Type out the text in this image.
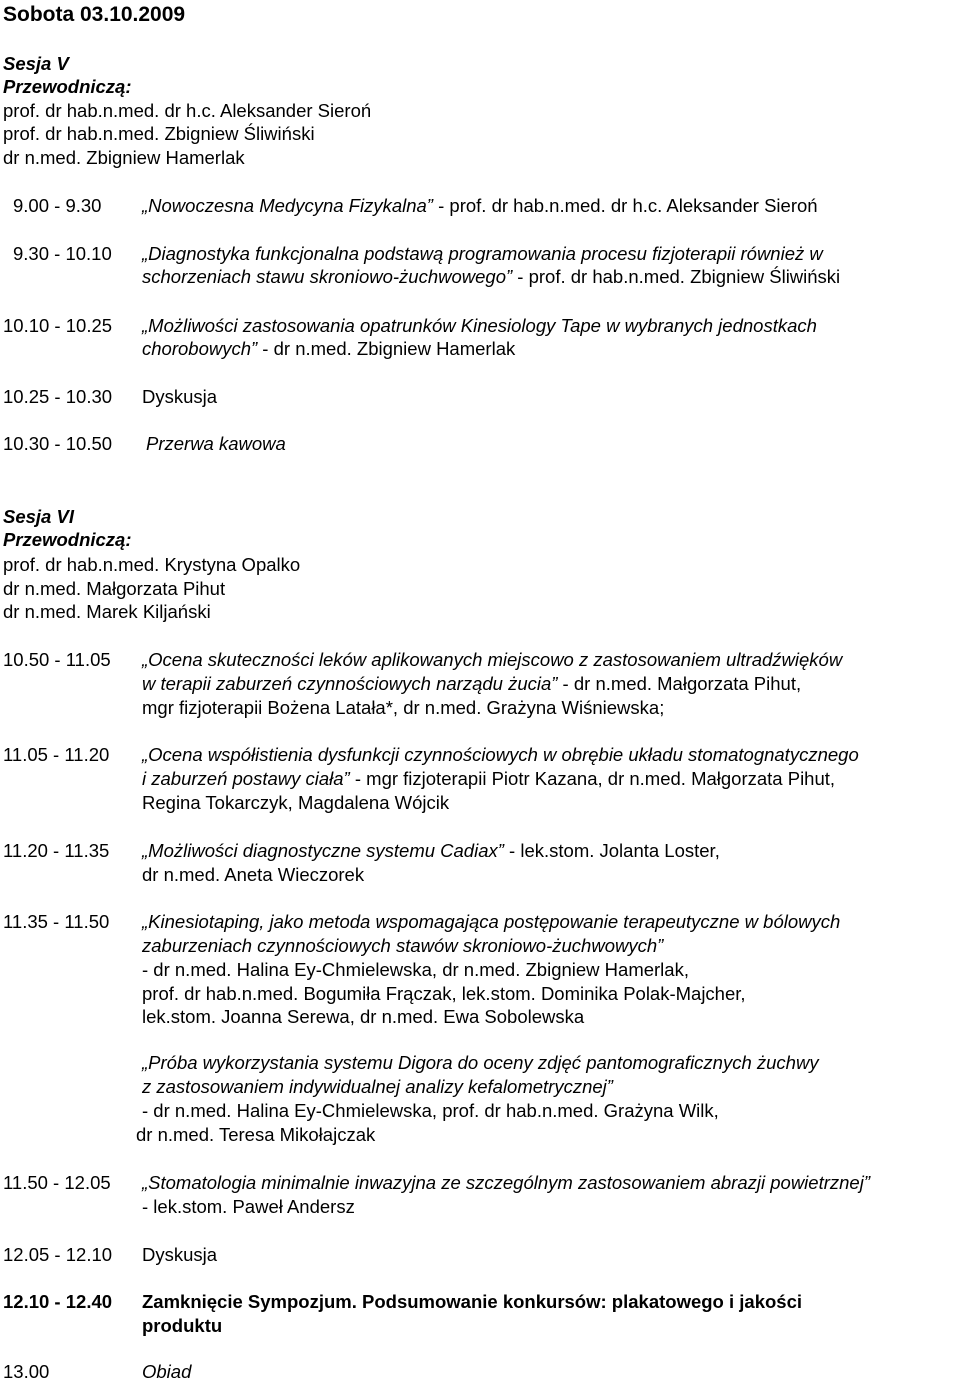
Sobota 03.10.2009
Sesja V
Przewodniczą:
prof. dr hab.n.med. dr h.c. Aleksander Sieroń
prof. dr hab.n.med. Zbigniew Śliwiński
dr n.med. Zbigniew Hamerlak
9.00 - 9.30 „Nowoczesna Medycyna Fizykalna” - prof. dr hab.n.med. dr h.c. Aleksander Sieroń
9.30 - 10.10 „Diagnostyka funkcjonalna podstawą programowania procesu fizjoterapii również w
schorzeniach stawu skroniowo-żuchwowego” - prof. dr hab.n.med. Zbigniew Śliwiński
10.10 - 10.25 „Możliwości zastosowania opatrunków Kinesiology Tape w wybranych jednostkach
chorobowych” - dr n.med. Zbigniew Hamerlak
10.25 - 10.30 Dyskusja
10.30 - 10.50 Przerwa kawowa
Sesja VI
Przewodniczą:
prof. dr hab.n.med. Krystyna Opalko
dr n.med. Małgorzata Pihut
dr n.med. Marek Kiljański
10.50 - 11.05 „Ocena skuteczności leków aplikowanych miejscowo z zastosowaniem ultradźwięków
w terapii zaburzeń czynnościowych narządu żucia” - dr n.med. Małgorzata Pihut,
mgr fizjoterapii Bożena Latała*, dr n.med. Grażyna Wiśniewska;
11.05 - 11.20 „Ocena współistienia dysfunkcji czynnościowych w obrębie układu stomatognatycznego
i zaburzeń postawy ciała” - mgr fizjoterapii Piotr Kazana, dr n.med. Małgorzata Pihut,
Regina Tokarczyk, Magdalena Wójcik
11.20 - 11.35 „Możliwości diagnostyczne systemu Cadiax” - lek.stom. Jolanta Loster,
dr n.med. Aneta Wieczorek
11.35 - 11.50 „Kinesiotaping, jako metoda wspomagająca postępowanie terapeutyczne w bólowych
zaburzeniach czynnościowych stawów skroniowo-żuchwowych”
- dr n.med. Halina Ey-Chmielewska, dr n.med. Zbigniew Hamerlak,
prof. dr hab.n.med. Bogumiła Frączak, lek.stom. Dominika Polak-Majcher,
lek.stom. Joanna Serewa, dr n.med. Ewa Sobolewska
„Próba wykorzystania systemu Digora do oceny zdjęć pantomograficznych żuchwy
z zastosowaniem indywidualnej analizy kefalometrycznej”
- dr n.med. Halina Ey-Chmielewska, prof. dr hab.n.med. Grażyna Wilk,
dr n.med. Teresa Mikołajczak
11.50 - 12.05 „Stomatologia minimalnie inwazyjna ze szczególnym zastosowaniem abrazji powietrznej”
- lek.stom. Paweł Andersz
12.05 - 12.10 Dyskusja
12.10 - 12.40 Zamknięcie Sympozjum. Podsumowanie konkursów: plakatowego i jakości
produktu
13.00	Obiad
